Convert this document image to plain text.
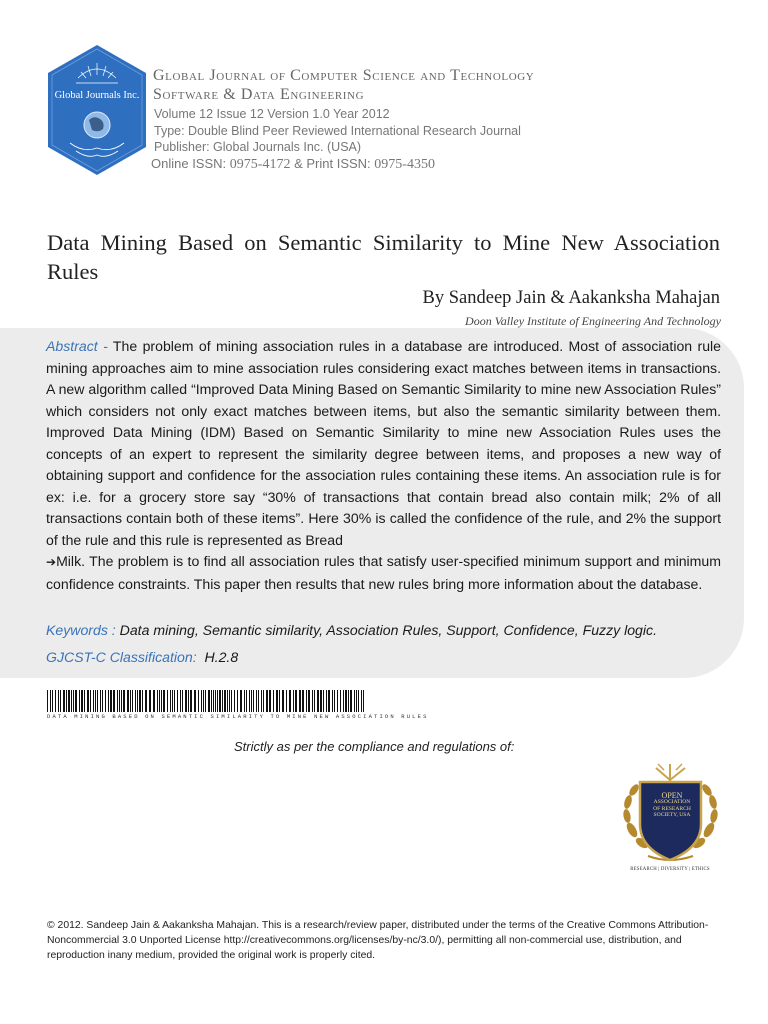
Global Journals Inc.
Global Journal of Computer Science and Technology
Software & Data Engineering
Volume 12 Issue 12 Version 1.0 Year 2012
Type: Double Blind Peer Reviewed International Research Journal
Publisher: Global Journals Inc. (USA)
Online ISSN: 0975-4172 & Print ISSN: 0975-4350
Data Mining Based on Semantic Similarity to Mine New Association Rules
By Sandeep Jain & Aakanksha Mahajan
Doon Valley Institute of Engineering And Technology
Abstract - The problem of mining association rules in a database are introduced. Most of association rule mining approaches aim to mine association rules considering exact matches between items in transactions. A new algorithm called “Improved Data Mining Based on Semantic Similarity to mine new Association Rules” which considers not only exact matches between items, but also the semantic similarity between them. Improved Data Mining (IDM) Based on Semantic Similarity to mine new Association Rules uses the concepts of an expert to represent the similarity degree between items, and proposes a new way of obtaining support and confidence for the association rules containing these items. An association rule is for ex: i.e. for a grocery store say “30% of transactions that contain bread also contain milk; 2% of all transactions contain both of these items”. Here 30% is called the confidence of the rule, and 2% the support of the rule and this rule is represented as Bread
➔Milk. The problem is to find all association rules that satisfy user-specified minimum support and minimum confidence constraints. This paper then results that new rules bring more information about the database.
Keywords : Data mining, Semantic similarity, Association Rules, Support, Confidence, Fuzzy logic.
GJCST-C Classification: H.2.8
DATA MINING BASED ON SEMANTIC SIMILARITY TO MINE NEW ASSOCIATION RULES
Strictly as per the compliance and regulations of:
OPEN
ASSOCIATION
OF RESEARCH
SOCIETY, USA
RESEARCH | DIVERSITY | ETHICS
© 2012. Sandeep Jain & Aakanksha Mahajan. This is a research/review paper, distributed under the terms of the Creative Commons Attribution-Noncommercial 3.0 Unported License http://creativecommons.org/licenses/by-nc/3.0/), permitting all non-commercial use, distribution, and reproduction inany medium, provided the original work is properly cited.
